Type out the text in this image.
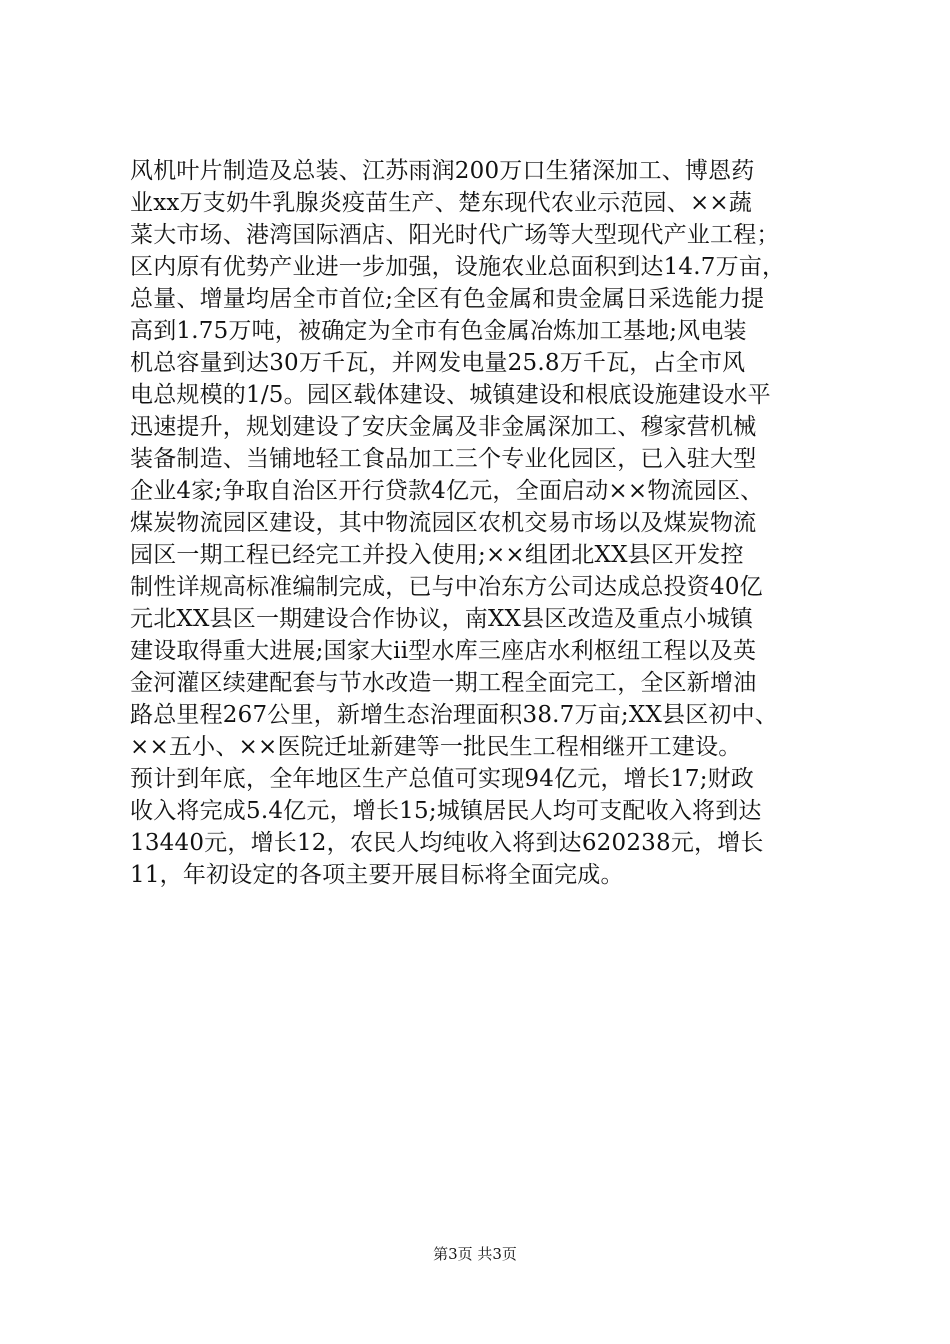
风机叶片制造及总装、江苏雨润200万口生猪深加工、博恩药
业xx万支奶牛乳腺炎疫苗生产、楚东现代农业示范园、××蔬
菜大市场、港湾国际酒店、阳光时代广场等大型现代产业工程；
区内原有优势产业进一步加强，设施农业总面积到达14.7万亩，
总量、增量均居全市首位;全区有色金属和贵金属日采选能力提
高到1.75万吨，被确定为全市有色金属冶炼加工基地;风电装
机总容量到达30万千瓦，并网发电量25.8万千瓦，占全市风
电总规模的1/5。园区载体建设、城镇建设和根底设施建设水平
迅速提升，规划建设了安庆金属及非金属深加工、穆家营机械
装备制造、当铺地轻工食品加工三个专业化园区，已入驻大型
企业4家;争取自治区开行贷款4亿元，全面启动××物流园区、
煤炭物流园区建设，其中物流园区农机交易市场以及煤炭物流
园区一期工程已经完工并投入使用;××组团北XX县区开发控
制性详规高标准编制完成，已与中冶东方公司达成总投资40亿
元北XX县区一期建设合作协议，南XX县区改造及重点小城镇
建设取得重大进展;国家大ii型水库三座店水利枢纽工程以及英
金河灌区续建配套与节水改造一期工程全面完工，全区新增油
路总里程267公里，新增生态治理面积38.7万亩;XX县区初中、
××五小、××医院迁址新建等一批民生工程相继开工建设。
预计到年底，全年地区生产总值可实现94亿元，增长17;财政
收入将完成5.4亿元，增长15;城镇居民人均可支配收入将到达
13440元，增长12，农民人均纯收入将到达620238元，增长
11，年初设定的各项主要开展目标将全面完成。
第3页 共3页
